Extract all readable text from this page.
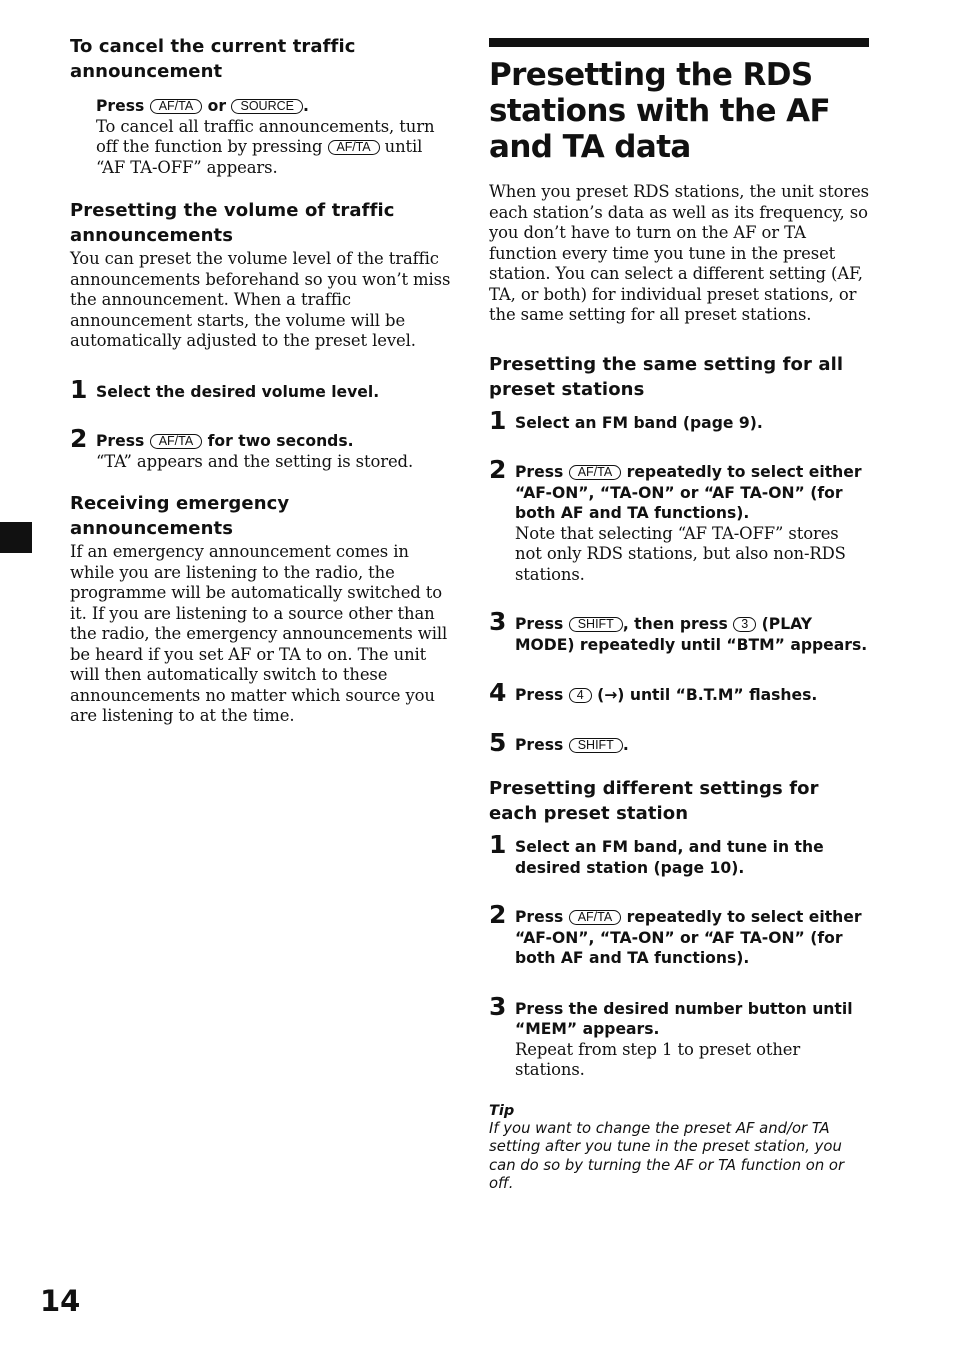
To cancel the current traffic announcement
Press AF/TA or SOURCE .

To cancel all traffic announcements, turn off the function by pressing AF/TA until “AF TA-OFF” appears.

Presetting the volume of traffic announcements

You can preset the volume level of the traffic announcements beforehand so you won’t miss the announcement. When a traffic announcement starts, the volume will be automatically adjusted to the preset level.

1 Select the desired volume level.
2 Press AF/TA for two seconds.

“TA” appears and the setting is stored.

Receiving emergency announcements

If an emergency announcement comes in while you are listening to the radio, the programme will be automatically switched to it. If you are listening to a source other than the radio, the emergency announcements will be heard if you set AF or TA to on. The unit will then automatically switch to these announcements no matter which source you are listening to at the time.

Presetting the RDS stations with the AF and TA data

When you preset RDS stations, the unit stores each station’s data as well as its frequency, so you don’t have to turn on the AF or TA function every time you tune in the preset station. You can select a different setting (AF, TA, or both) for individual preset stations, or the same setting for all preset stations.

Presetting the same setting for all preset stations
1 Select an FM band (page 9).
2 Press AF/TA repeatedly to select either “AF-ON”, “TA-ON” or “AF TA-ON” (for both AF and TA functions).

Note that selecting “AF TA-OFF” stores not only RDS stations, but also non-RDS stations.

3 Press SHIFT , then press 3 (PLAY MODE) repeatedly until “BTM” appears.
4 Press 4 (→) until “B.T.M” flashes.
5 Press SHIFT .
Presetting different settings for each preset station
1 Select an FM band, and tune in the desired station (page 10).
2 Press AF/TA repeatedly to select either “AF-ON”, “TA-ON” or “AF TA-ON” (for both AF and TA functions).
3 Press the desired number button until “MEM” appears.

Repeat from step 1 to preset other stations.

Tip
If you want to change the preset AF and/or TA setting after you tune in the preset station, you can do so by turning the AF or TA function on or off.
14
